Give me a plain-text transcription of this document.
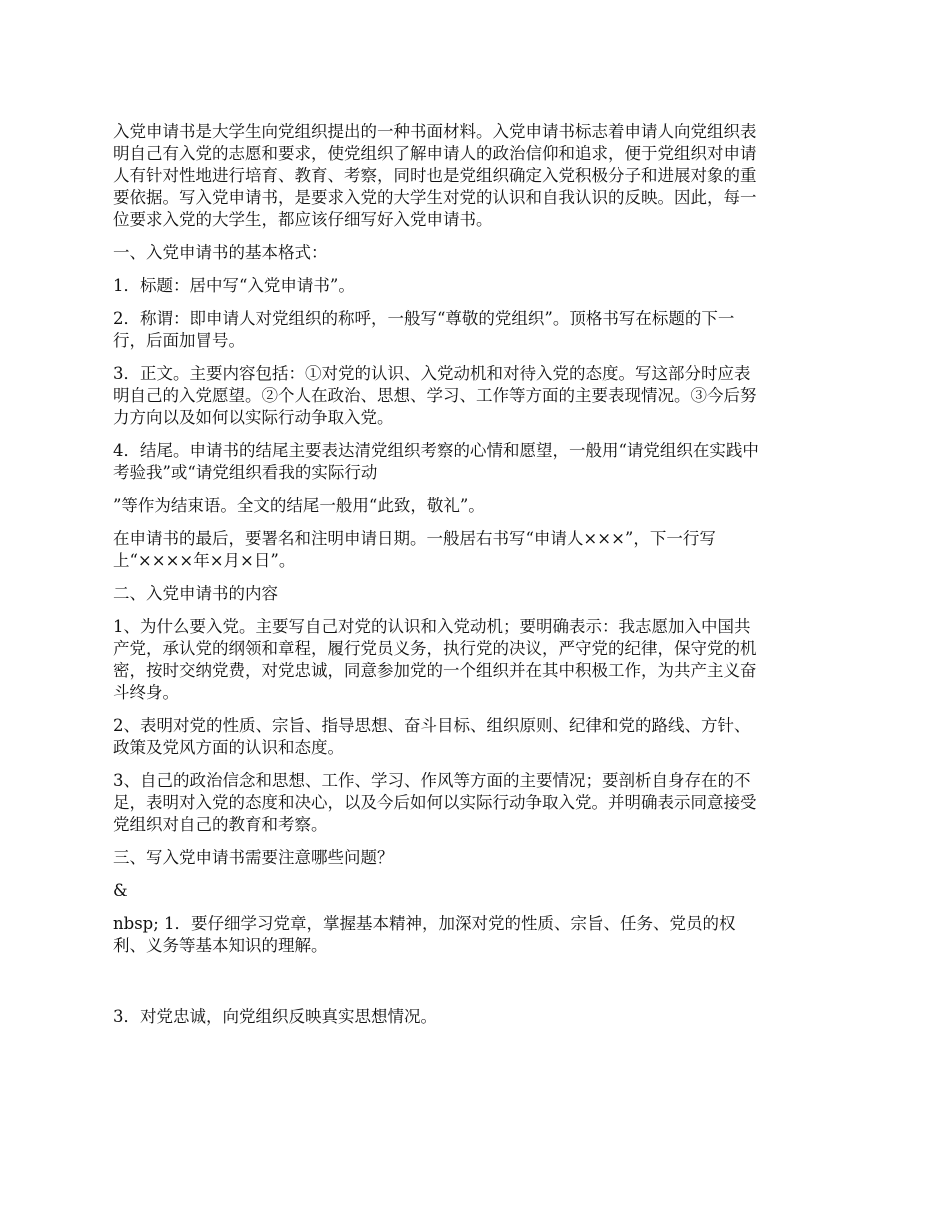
入党申请书是大学生向党组织提出的一种书面材料。入党申请书标志着申请人向党组织表
明自己有入党的志愿和要求，使党组织了解申请人的政治信仰和追求，便于党组织对申请
人有针对性地进行培育、教育、考察，同时也是党组织确定入党积极分子和进展对象的重
要依据。写入党申请书，是要求入党的大学生对党的认识和自我认识的反映。因此，每一
位要求入党的大学生，都应该仔细写好入党申请书。

一、入党申请书的基本格式：

1．标题：居中写“入党申请书”。

2．称谓：即申请人对党组织的称呼，一般写“尊敬的党组织”。顶格书写在标题的下一
行，后面加冒号。

3．正文。主要内容包括：①对党的认识、入党动机和对待入党的态度。写这部分时应表
明自己的入党愿望。②个人在政治、思想、学习、工作等方面的主要表现情况。③今后努
力方向以及如何以实际行动争取入党。

4．结尾。申请书的结尾主要表达清党组织考察的心情和愿望，一般用“请党组织在实践中
考验我”或“请党组织看我的实际行动

”等作为结束语。全文的结尾一般用“此致，敬礼”。

在申请书的最后，要署名和注明申请日期。一般居右书写“申请人×××”，下一行写
上“××××年×月×日”。

二、入党申请书的内容

1、为什么要入党。主要写自己对党的认识和入党动机；要明确表示：我志愿加入中国共
产党，承认党的纲领和章程，履行党员义务，执行党的决议，严守党的纪律，保守党的机
密，按时交纳党费，对党忠诚，同意参加党的一个组织并在其中积极工作，为共产主义奋
斗终身。

2、表明对党的性质、宗旨、指导思想、奋斗目标、组织原则、纪律和党的路线、方针、
政策及党风方面的认识和态度。

3、自己的政治信念和思想、工作、学习、作风等方面的主要情况；要剖析自身存在的不
足，表明对入党的态度和决心，以及今后如何以实际行动争取入党。并明确表示同意接受
党组织对自己的教育和考察。

三、写入党申请书需要注意哪些问题？

&

nbsp; 1．要仔细学习党章，掌握基本精神，加深对党的性质、宗旨、任务、党员的权
利、义务等基本知识的理解。

3．对党忠诚，向党组织反映真实思想情况。
